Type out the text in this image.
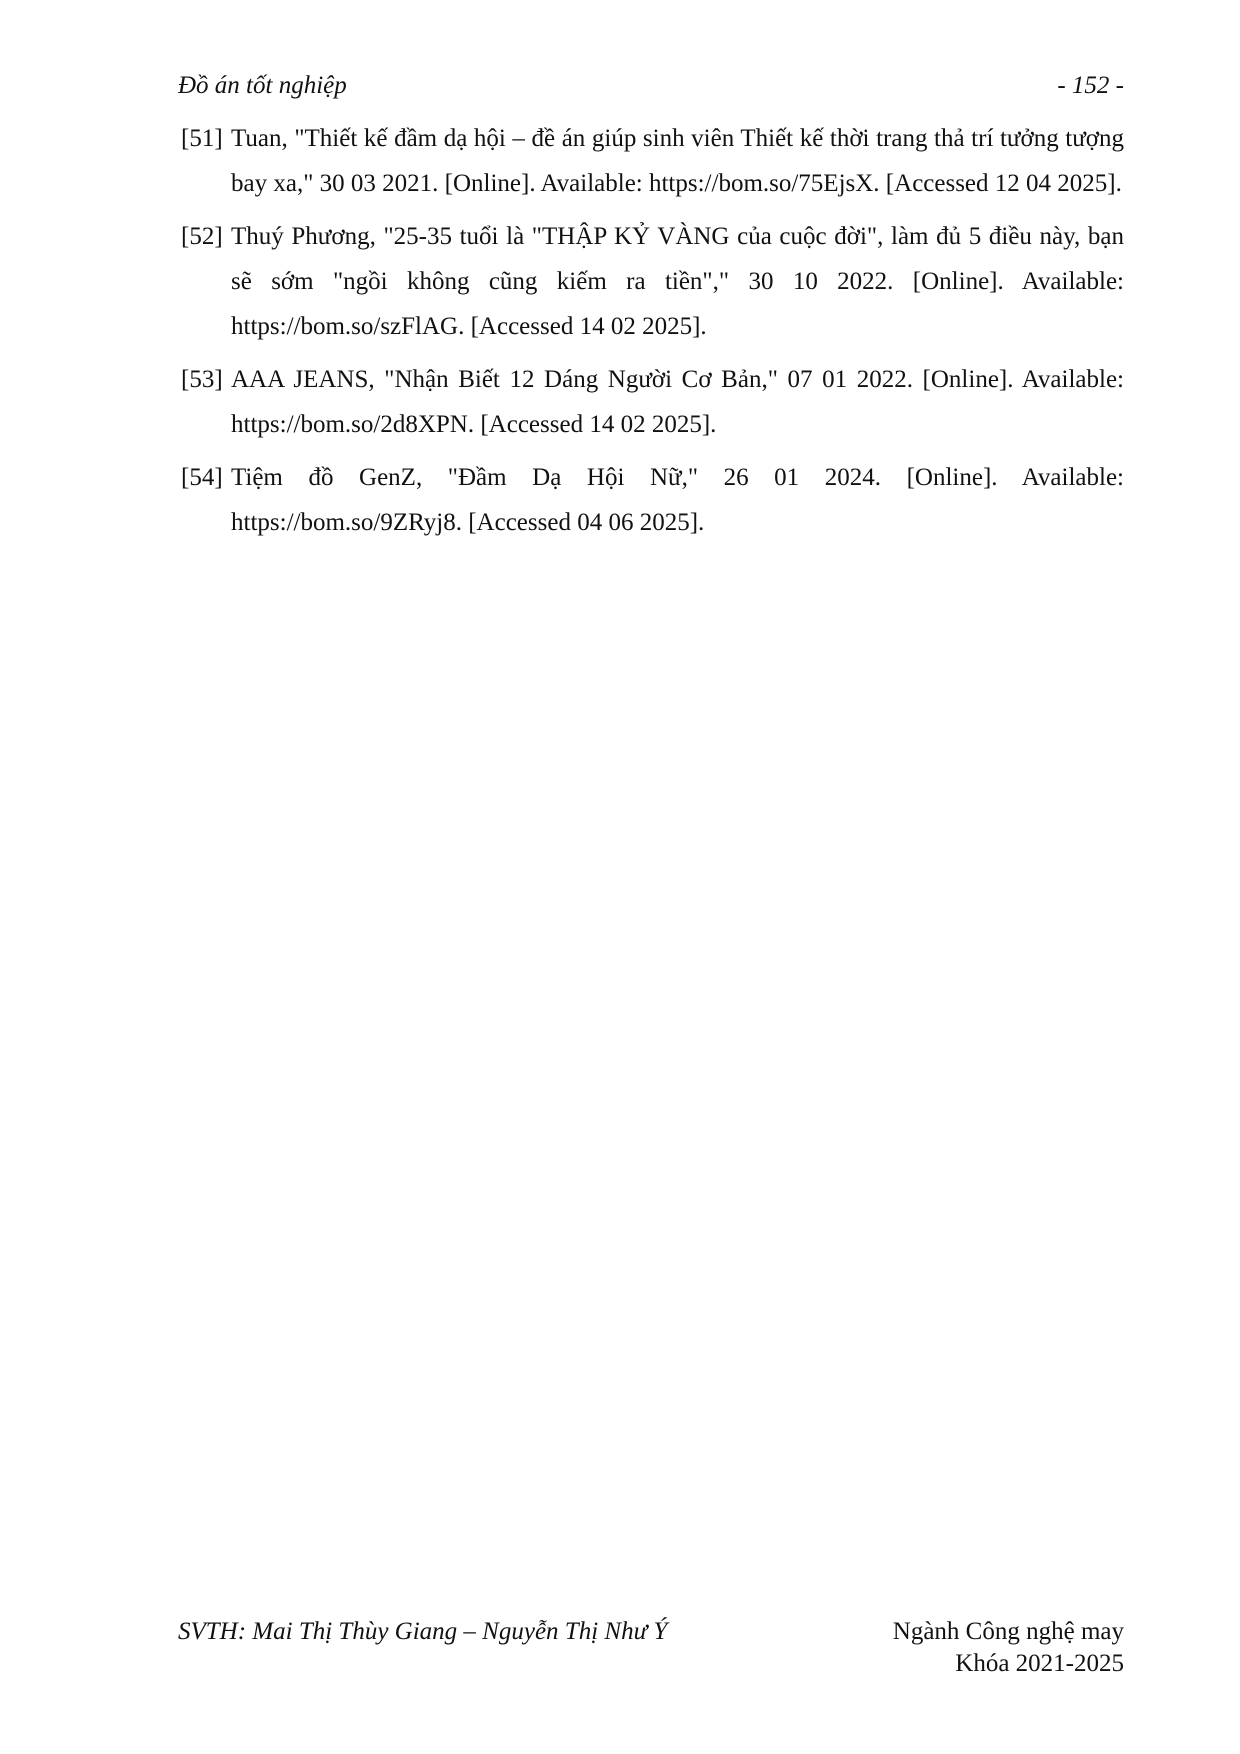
Đồ án tốt nghiệp	- 152 -
[51] Tuan, "Thiết kế đầm dạ hội – đề án giúp sinh viên Thiết kế thời trang thả trí tưởng tượng bay xa," 30 03 2021. [Online]. Available: https://bom.so/75EjsX. [Accessed 12 04 2025].
[52] Thuý Phương, "25-35 tuổi là "THẬP KỶ VÀNG của cuộc đời", làm đủ 5 điều này, bạn sẽ sớm "ngồi không cũng kiếm ra tiền"," 30 10 2022. [Online]. Available: https://bom.so/szFlAG. [Accessed 14 02 2025].
[53] AAA JEANS, "Nhận Biết 12 Dáng Người Cơ Bản," 07 01 2022. [Online]. Available: https://bom.so/2d8XPN. [Accessed 14 02 2025].
[54] Tiệm đồ GenZ, "Đầm Dạ Hội Nữ," 26 01 2024. [Online]. Available: https://bom.so/9ZRyj8. [Accessed 04 06 2025].
SVTH: Mai Thị Thùy Giang – Nguyễn Thị Như Ý	Ngành Công nghệ may
Khóa 2021-2025
